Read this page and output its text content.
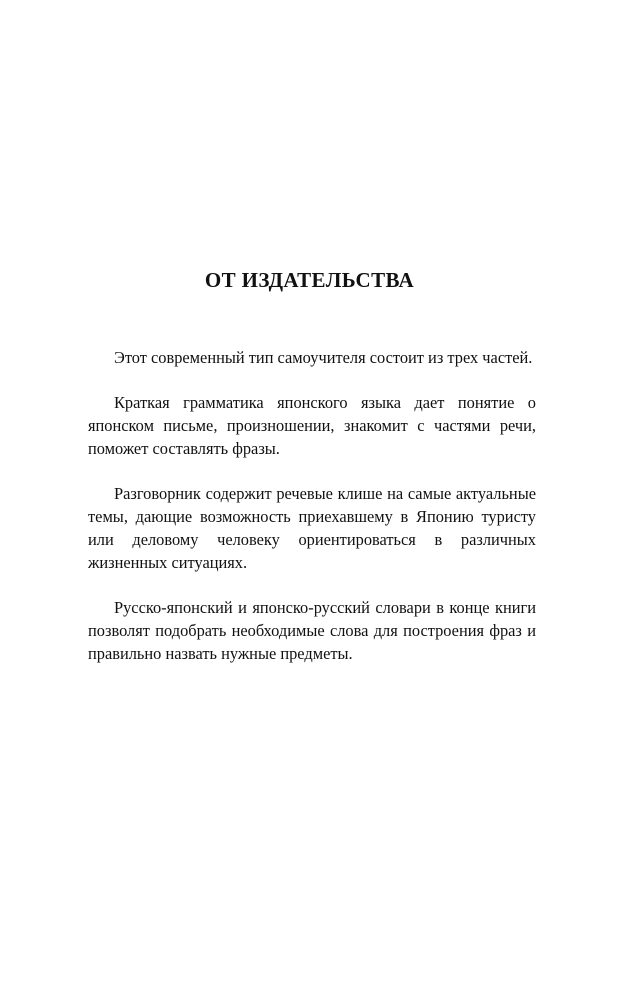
ОТ ИЗДАТЕЛЬСТВА

Этот современный тип самоучителя состоит из трех частей.

Краткая грамматика японского языка дает понятие о японском письме, произношении, знакомит с частями речи, поможет составлять фразы.

Разговорник содержит речевые клише на самые актуальные темы, дающие возможность приехавшему в Японию туристу или деловому человеку ориентироваться в различных жизненных ситуациях.

Русско-японский и японско-русский словари в конце книги позволят подобрать необходимые слова для построения фраз и правильно назвать нужные предметы.
